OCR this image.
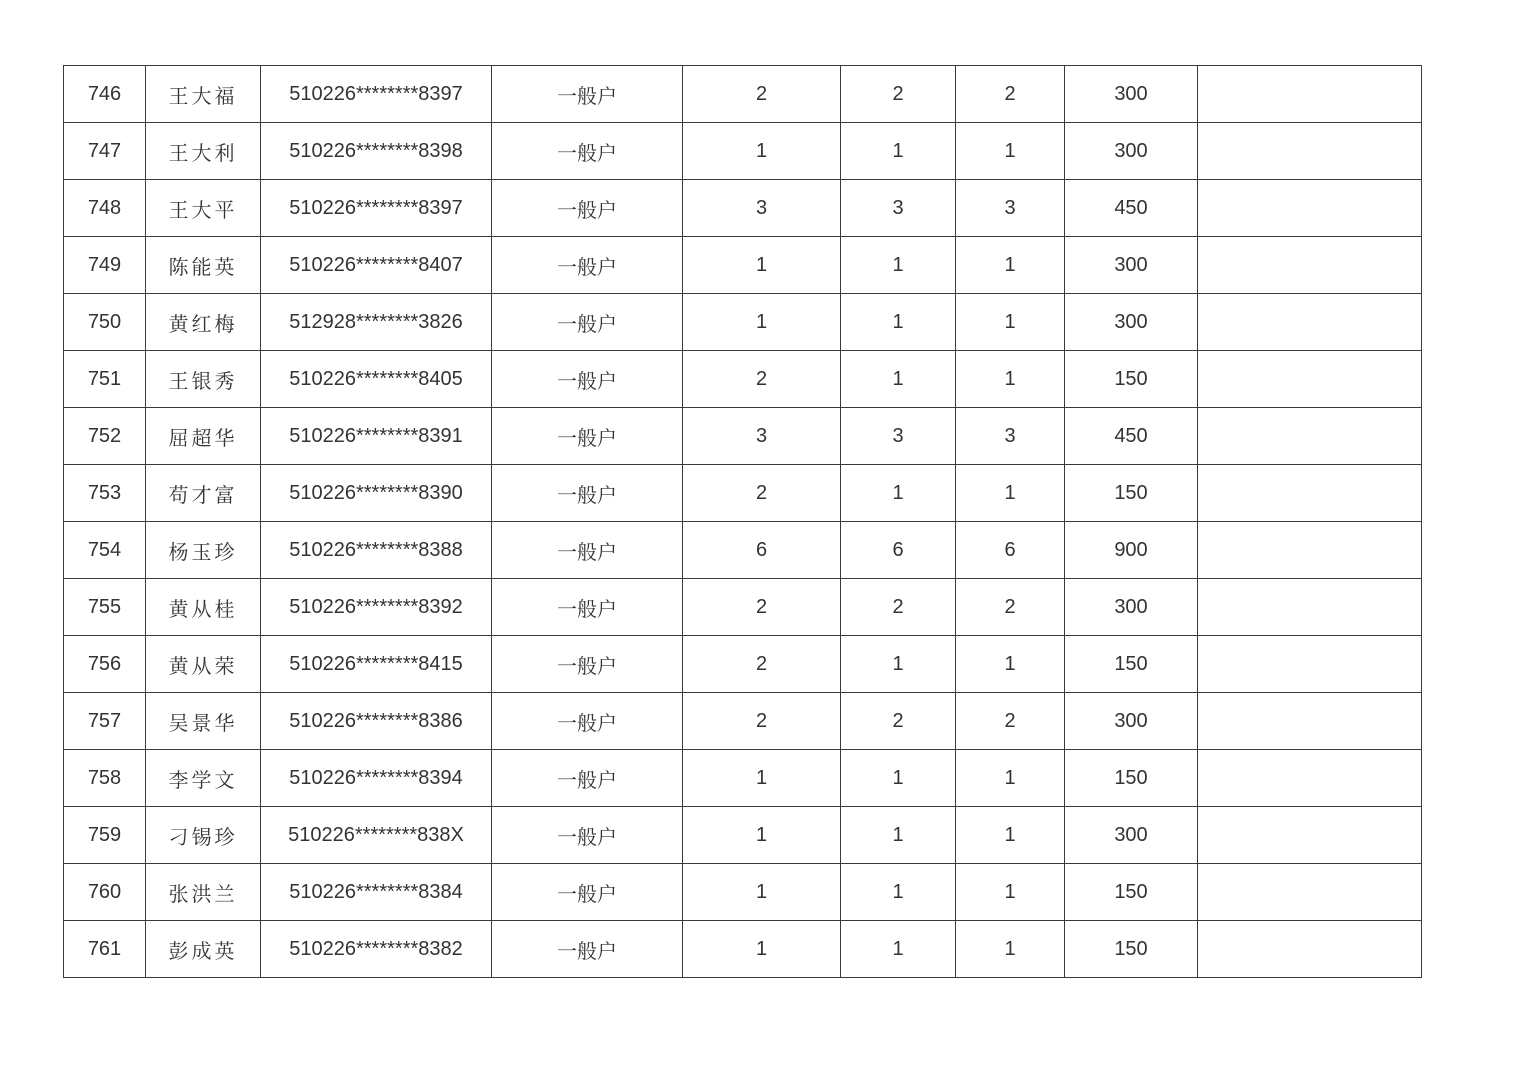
746	王大福	510226********8397	一般户	2	2	2	300	
747	王大利	510226********8398	一般户	1	1	1	300	
748	王大平	510226********8397	一般户	3	3	3	450	
749	陈能英	510226********8407	一般户	1	1	1	300	
750	黄红梅	512928********3826	一般户	1	1	1	300	
751	王银秀	510226********8405	一般户	2	1	1	150	
752	屈超华	510226********8391	一般户	3	3	3	450	
753	苟才富	510226********8390	一般户	2	1	1	150	
754	杨玉珍	510226********8388	一般户	6	6	6	900	
755	黄从桂	510226********8392	一般户	2	2	2	300	
756	黄从荣	510226********8415	一般户	2	1	1	150	
757	吴景华	510226********8386	一般户	2	2	2	300	
758	李学文	510226********8394	一般户	1	1	1	150	
759	刁锡珍	510226********838X	一般户	1	1	1	300	
760	张洪兰	510226********8384	一般户	1	1	1	150	
761	彭成英	510226********8382	一般户	1	1	1	150	
